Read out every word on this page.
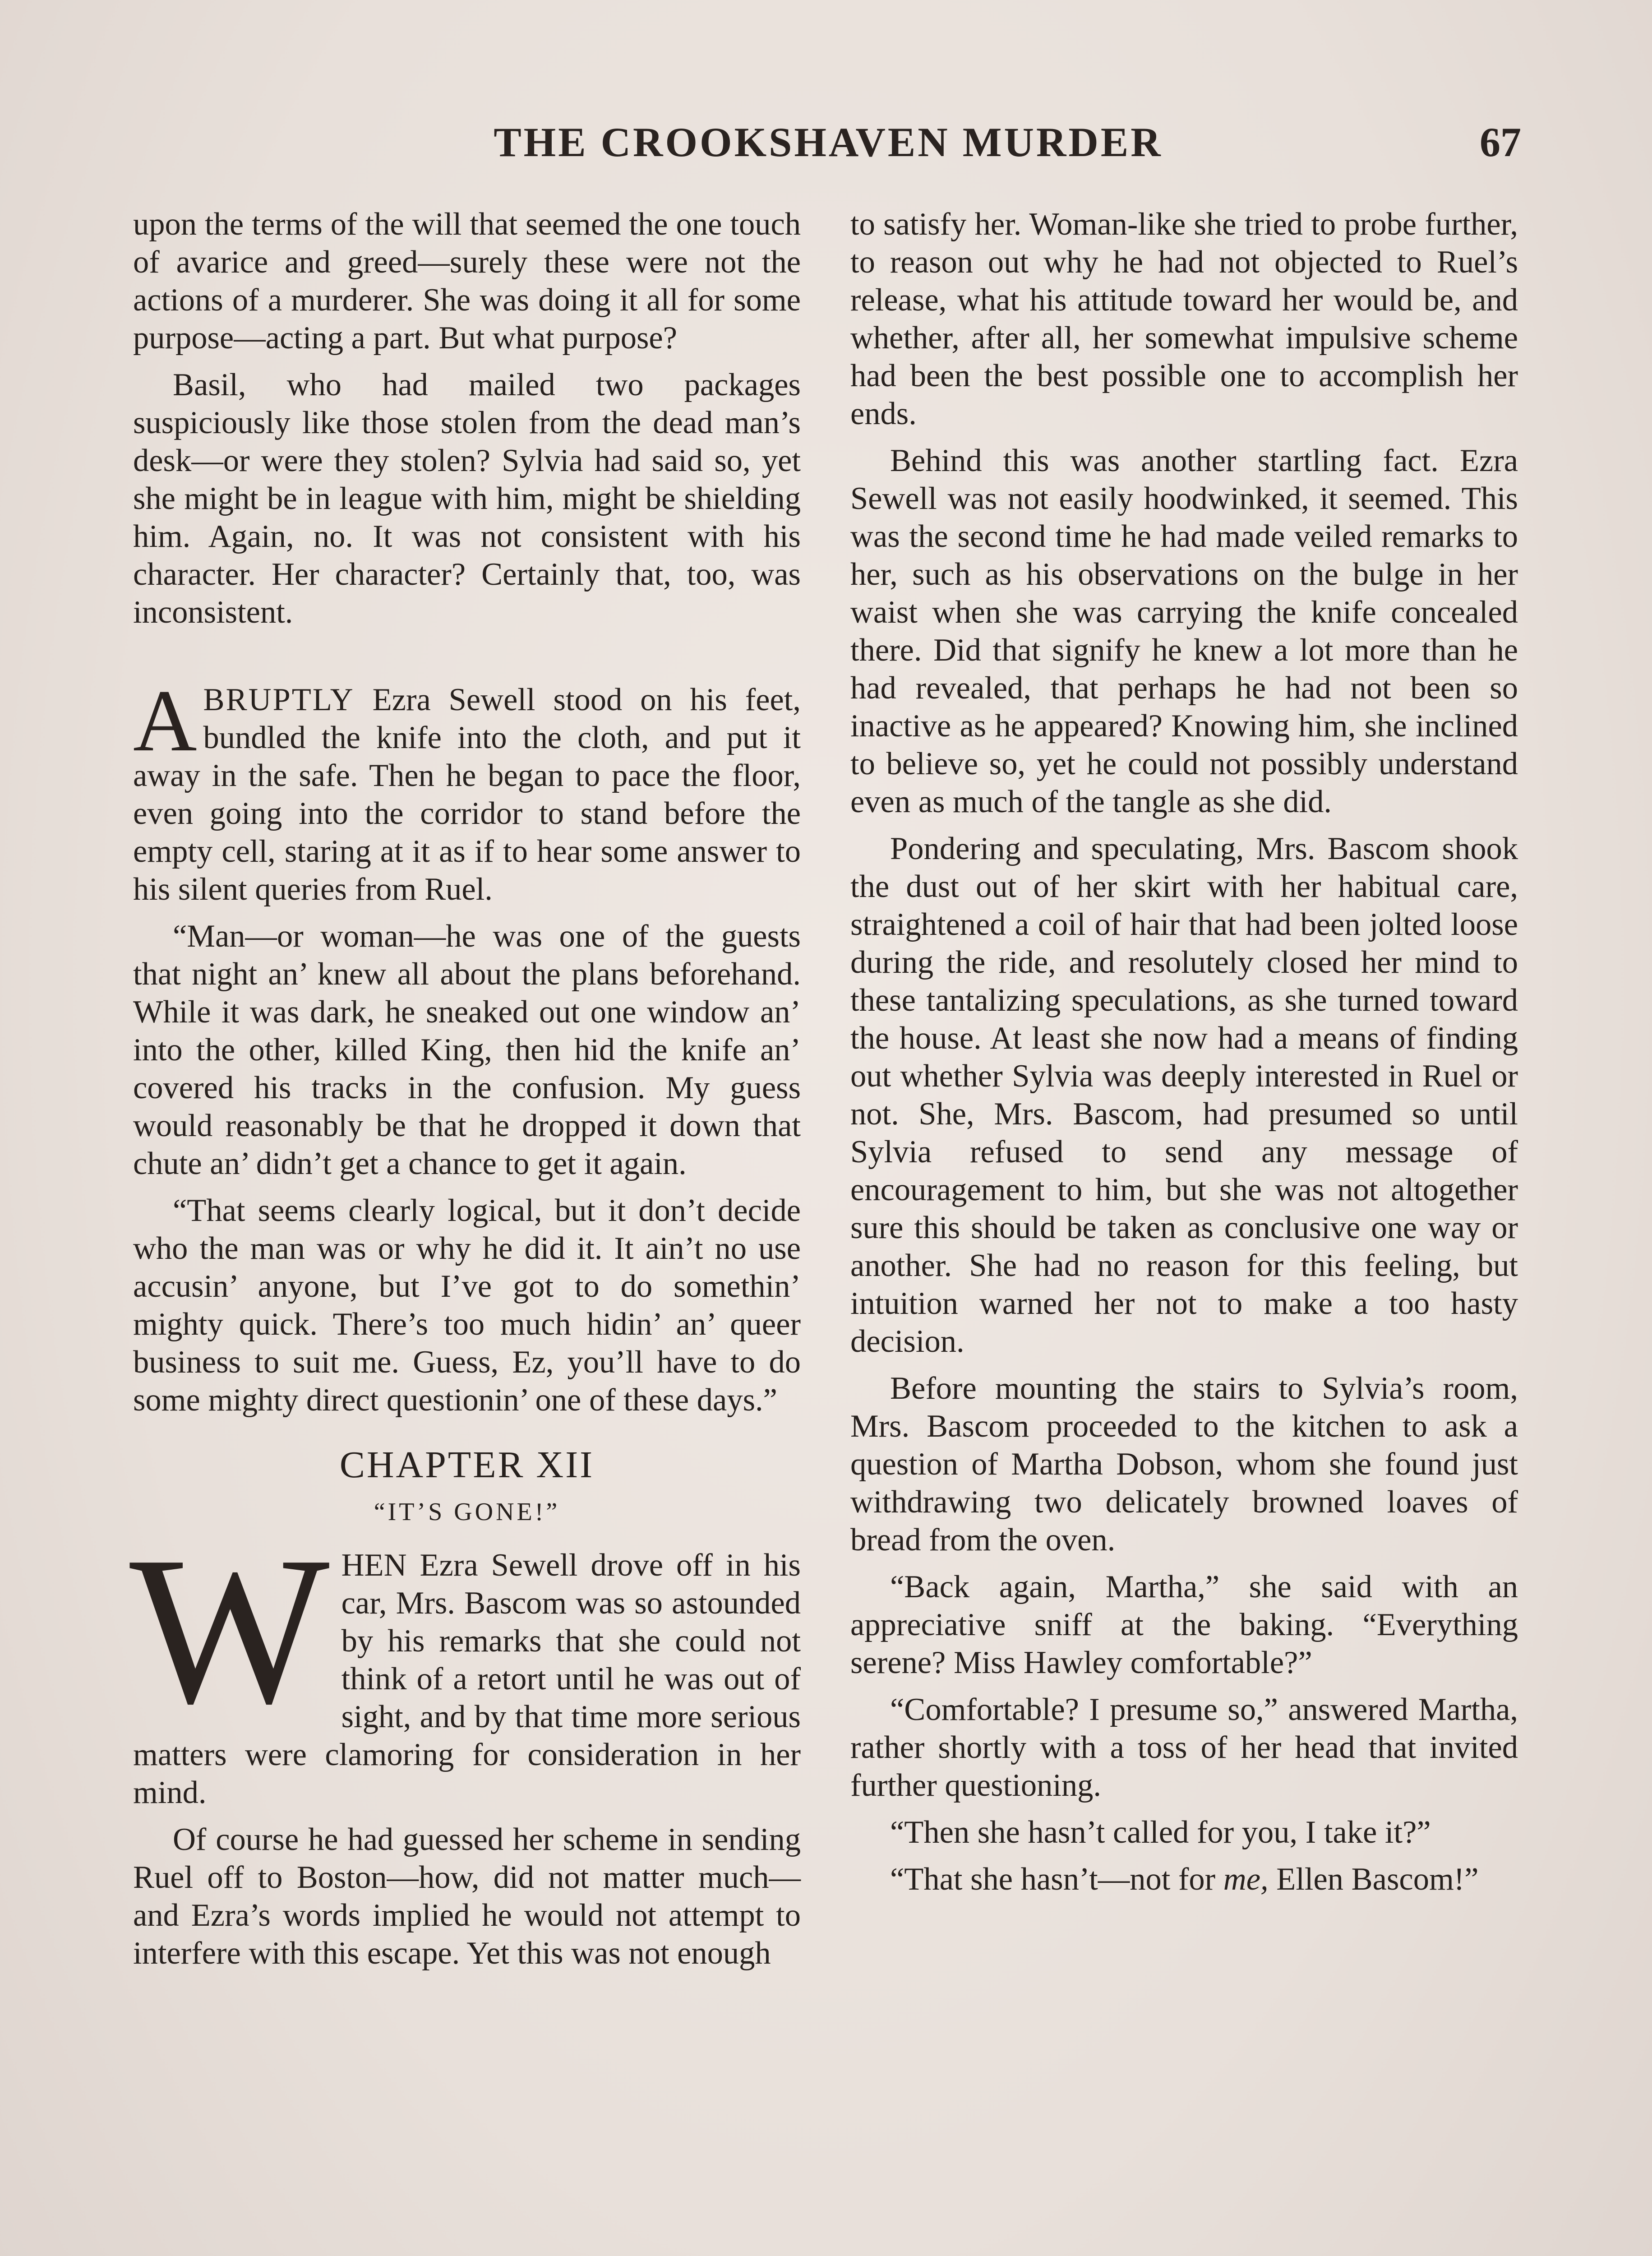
THE CROOKSHAVEN MURDER	67

upon the terms of the will that seemed the one touch of avarice and greed—surely these were not the actions of a murderer. She was doing it all for some purpose—acting a part. But what purpose?

Basil, who had mailed two packages suspiciously like those stolen from the dead man’s desk—or were they stolen? Sylvia had said so, yet she might be in league with him, might be shielding him. Again, no. It was not consistent with his character. Her character? Certainly that, too, was inconsistent.

ABRUPTLY Ezra Sewell stood on his feet, bundled the knife into the cloth, and put it away in the safe. Then he began to pace the floor, even going into the corridor to stand before the empty cell, staring at it as if to hear some answer to his silent queries from Ruel.

“Man—or woman—he was one of the guests that night an’ knew all about the plans beforehand. While it was dark, he sneaked out one window an’ into the other, killed King, then hid the knife an’ covered his tracks in the confusion. My guess would reasonably be that he dropped it down that chute an’ didn’t get a chance to get it again.

“That seems clearly logical, but it don’t decide who the man was or why he did it. It ain’t no use accusin’ anyone, but I’ve got to do somethin’ mighty quick. There’s too much hidin’ an’ queer business to suit me. Guess, Ez, you’ll have to do some mighty direct questionin’ one of these days.”

CHAPTER XII
“IT’S GONE!”

WHEN Ezra Sewell drove off in his car, Mrs. Bascom was so astounded by his remarks that she could not think of a retort until he was out of sight, and by that time more serious matters were clamoring for consideration in her mind.

Of course he had guessed her scheme in sending Ruel off to Boston—how, did not matter much—and Ezra’s words implied he would not attempt to interfere with this escape. Yet this was not enough

to satisfy her. Woman-like she tried to probe further, to reason out why he had not objected to Ruel’s release, what his attitude toward her would be, and whether, after all, her somewhat impulsive scheme had been the best possible one to accomplish her ends.

Behind this was another startling fact. Ezra Sewell was not easily hoodwinked, it seemed. This was the second time he had made veiled remarks to her, such as his observations on the bulge in her waist when she was carrying the knife concealed there. Did that signify he knew a lot more than he had revealed, that perhaps he had not been so inactive as he appeared? Knowing him, she inclined to believe so, yet he could not possibly understand even as much of the tangle as she did.

Pondering and speculating, Mrs. Bascom shook the dust out of her skirt with her habitual care, straightened a coil of hair that had been jolted loose during the ride, and resolutely closed her mind to these tantalizing speculations, as she turned toward the house. At least she now had a means of finding out whether Sylvia was deeply interested in Ruel or not. She, Mrs. Bascom, had presumed so until Sylvia refused to send any message of encouragement to him, but she was not altogether sure this should be taken as conclusive one way or another. She had no reason for this feeling, but intuition warned her not to make a too hasty decision.

Before mounting the stairs to Sylvia’s room, Mrs. Bascom proceeded to the kitchen to ask a question of Martha Dobson, whom she found just withdrawing two delicately browned loaves of bread from the oven.

“Back again, Martha,” she said with an appreciative sniff at the baking. “Everything serene? Miss Hawley comfortable?”

“Comfortable? I presume so,” answered Martha, rather shortly with a toss of her head that invited further questioning.

“Then she hasn’t called for you, I take it?”

“That she hasn’t—not for me, Ellen Bascom!”
